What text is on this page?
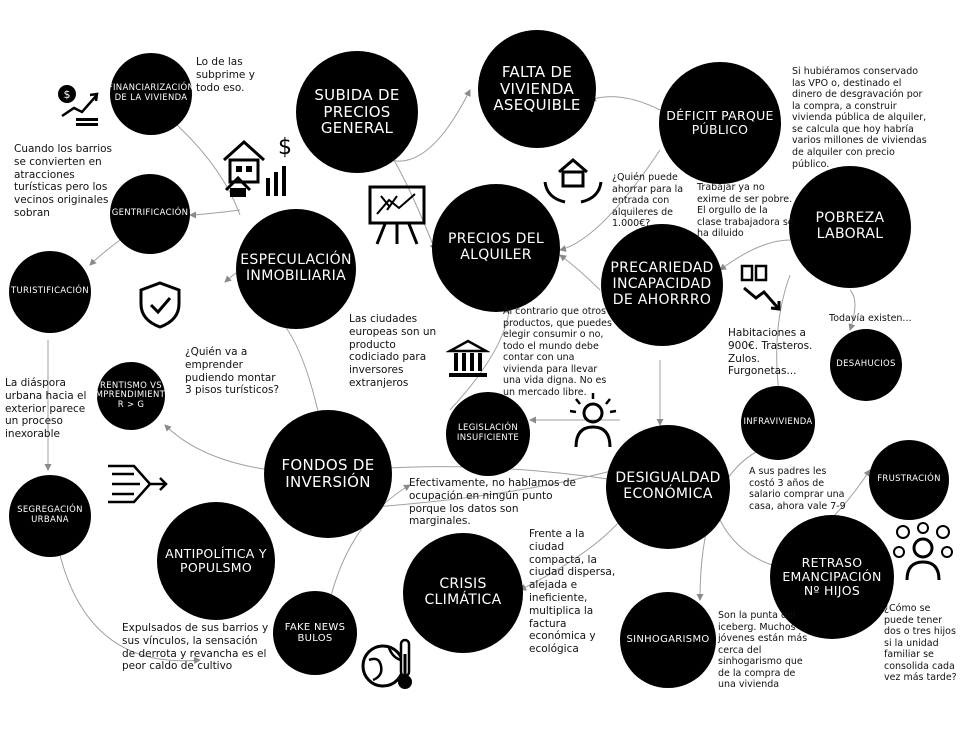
FALTA DE VIVIENDA ASEQUIBLE
SUBIDA DE PRECIOS GENERAL
DÉFICIT PARQUE PÚBLICO
FINANCIARIZACIÓN DE LA VIVIENDA
GENTRIFICACIÓN
TURISTIFICACIÓN
ESPECULACIÓN INMOBILIARIA
PRECIOS DEL ALQUILER
PRECARIEDAD INCAPACIDAD DE AHORRRO
POBREZA LABORAL
DESAHUCIOS
INFRAVIVIENDA
RENTISMO VS EMPRENDIMIENTO R > G
LEGISLACIÓN INSUFICIENTE
FONDOS DE INVERSIÓN	DESIGUALDAD ECONÓMICA
FRUSTRACIÓN
SEGREGACIÓN URBANA
ANTIPOLÍTICA Y POPULSMO
FAKE NEWS BULOS
CRISIS CLIMÁTICA
SINHOGARISMO
RETRASO EMANCIPACIÓN Nº HIJOS
Lo de las subprime y todo eso.
Cuando los barrios se convierten en atracciones turísticas pero los vecinos originales sobran
Si hubiéramos conservado las VPO o, destinado el dinero de desgravación por la compra, a construir vivienda pública de alquiler, se calcula que hoy habría varios millones de viviendas de alquiler con precio público.
¿Quién puede ahorrar para la entrada con alquileres de 1.000€?
Trabajar ya no exime de ser pobre. El orgullo de la clase trabajadora se ha diluido
Las ciudades europeas son un producto codiciado para inversores extranjeros
¿Quién va a emprender pudiendo montar 3 pisos turísticos?
Al contrario que otros productos, que puedes elegir consumir o no, todo el mundo debe contar con una vivienda para llevar una vida digna. No es un mercado libre.
Habitaciones a 900€. Trasteros. Zulos. Furgonetas...
Todavía existen...
La diáspora urbana hacia el exterior parece un proceso inexorable
Efectivamente, no hablamos de ocupación en ningún punto porque los datos son marginales.
A sus padres les costó 3 años de salario comprar una casa, ahora vale 7-9
Frente a la ciudad compacta, la ciudad dispersa, alejada e ineficiente, multiplica la factura económica y ecológica
Expulsados de sus barrios y sus vínculos, la sensación de derrota y revancha es el peor caldo de cultivo
Son la punta del iceberg. Muchos jóvenes están más cerca del sinhogarismo que de la compra de una vivienda
¿Cómo se puede tener dos o tres hijos si la unidad familiar se consolida cada vez más tarde?
$
$
